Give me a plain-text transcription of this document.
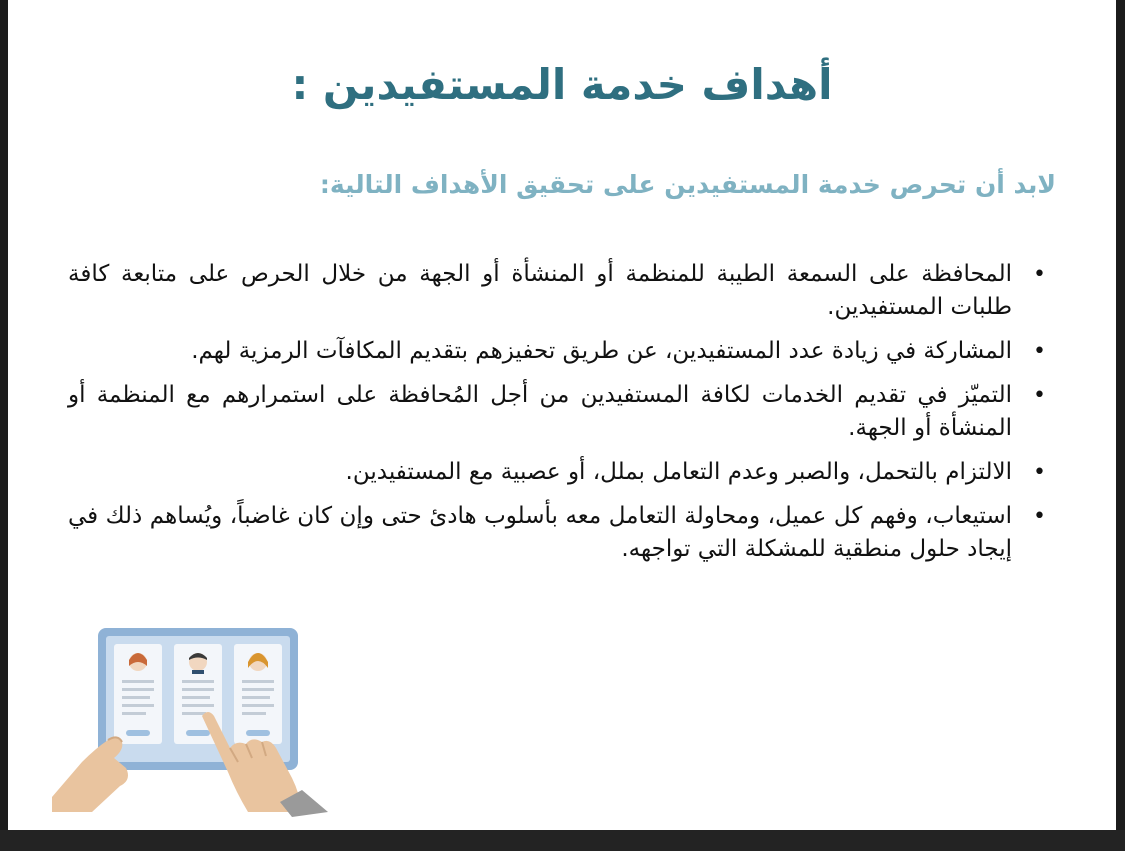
أهداف خدمة المستفيدين :
لابد أن تحرص خدمة المستفيدين على تحقيق الأهداف التالية:
•
المحافظة على السمعة الطيبة للمنظمة أو المنشأة أو الجهة من خلال الحرص على متابعة كافة طلبات المستفيدين.
•
المشاركة في زيادة عدد المستفيدين، عن طريق تحفيزهم بتقديم المكافآت الرمزية لهم.
•
التميّز في تقديم الخدمات لكافة المستفيدين من أجل المُحافظة على استمرارهم مع المنظمة أو المنشأة أو الجهة.
•
الالتزام بالتحمل، والصبر وعدم التعامل بملل، أو عصبية مع المستفيدين.
•
استيعاب، وفهم كل عميل، ومحاولة التعامل معه بأسلوب هادئ حتى وإن كان غاضباً، ويُساهم ذلك في إيجاد حلول منطقية للمشكلة التي تواجهه.
